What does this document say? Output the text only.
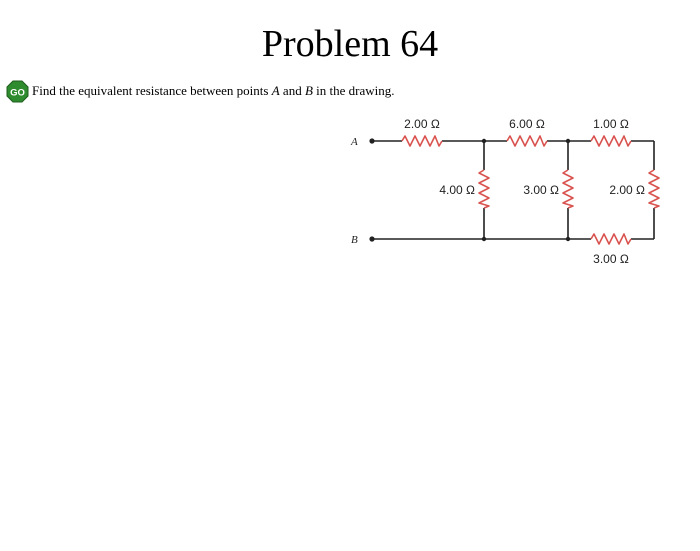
Problem 64
GO Find the equivalent resistance between points A and B in the drawing.
A
B
2.00 Ω	6.00 Ω	1.00 Ω
4.00 Ω	3.00 Ω	2.00 Ω
3.00 Ω
